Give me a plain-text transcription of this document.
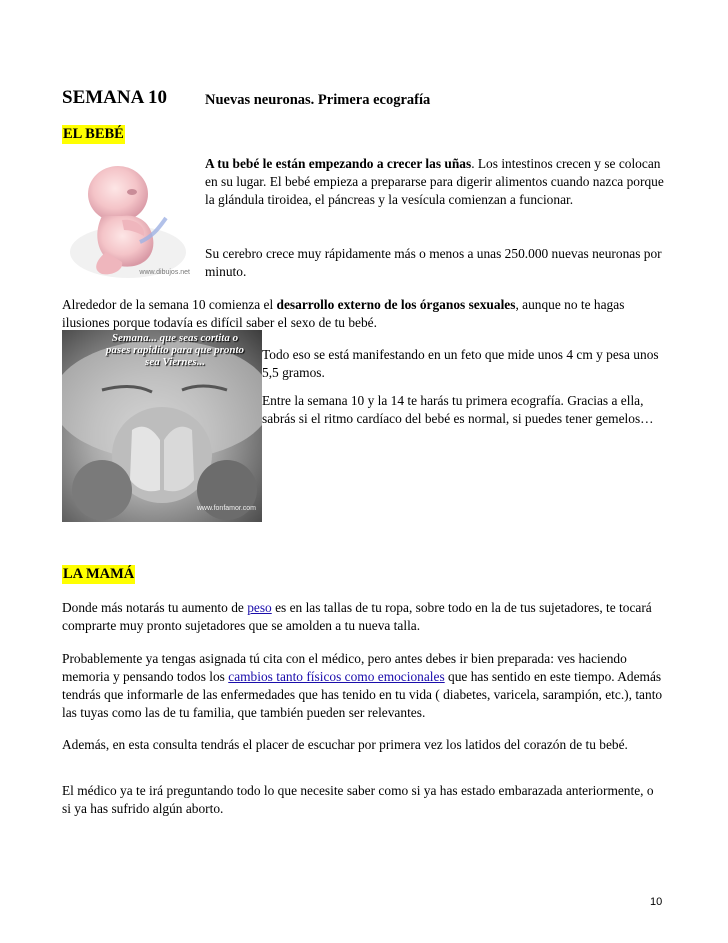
SEMANA 10	Nuevas neuronas. Primera ecografía
EL BEBÉ
www.dibujos.net

A tu bebé le están empezando a crecer las uñas. Los intestinos crecen y se colocan en su lugar. El bebé empieza a prepararse para digerir alimentos cuando nazca porque la glándula tiroidea, el páncreas y la vesícula comienzan a funcionar.

Su cerebro crece muy rápidamente más o menos a unas 250.000 nuevas neuronas por minuto.

Alrededor de la semana 10 comienza el desarrollo externo de los órganos sexuales, aunque no te hagas ilusiones porque todavía es difícil saber el sexo de tu bebé.

Semana... que seas cortita o pases rapidito para que pronto sea Viernes...
www.fonfamor.com

Todo eso se está manifestando en un feto que mide unos 4 cm y pesa unos 5,5 gramos.

Entre la semana 10 y la 14 te harás tu primera ecografía. Gracias a ella, sabrás si el ritmo cardíaco del bebé es normal, si puedes tener gemelos…

LA MAMÁ

Donde más notarás tu aumento de peso es en las tallas de tu ropa, sobre todo en la de tus sujetadores, te tocará comprarte muy pronto sujetadores que se amolden a tu nueva talla.

Probablemente ya tengas asignada tú cita con el médico, pero antes debes ir bien preparada: ves haciendo memoria y pensando todos los cambios tanto físicos como emocionales que has sentido en este tiempo. Además tendrás que informarle de las enfermedades que has tenido en tu vida ( diabetes, varicela, sarampión, etc.), tanto las tuyas como las de tu familia, que también pueden ser relevantes.

Además, en esta consulta tendrás el placer de escuchar por primera vez los latidos del corazón de tu bebé.

El médico ya te irá preguntando todo lo que necesite saber como si ya has estado embarazada anteriormente, o si ya has sufrido algún aborto.

10
